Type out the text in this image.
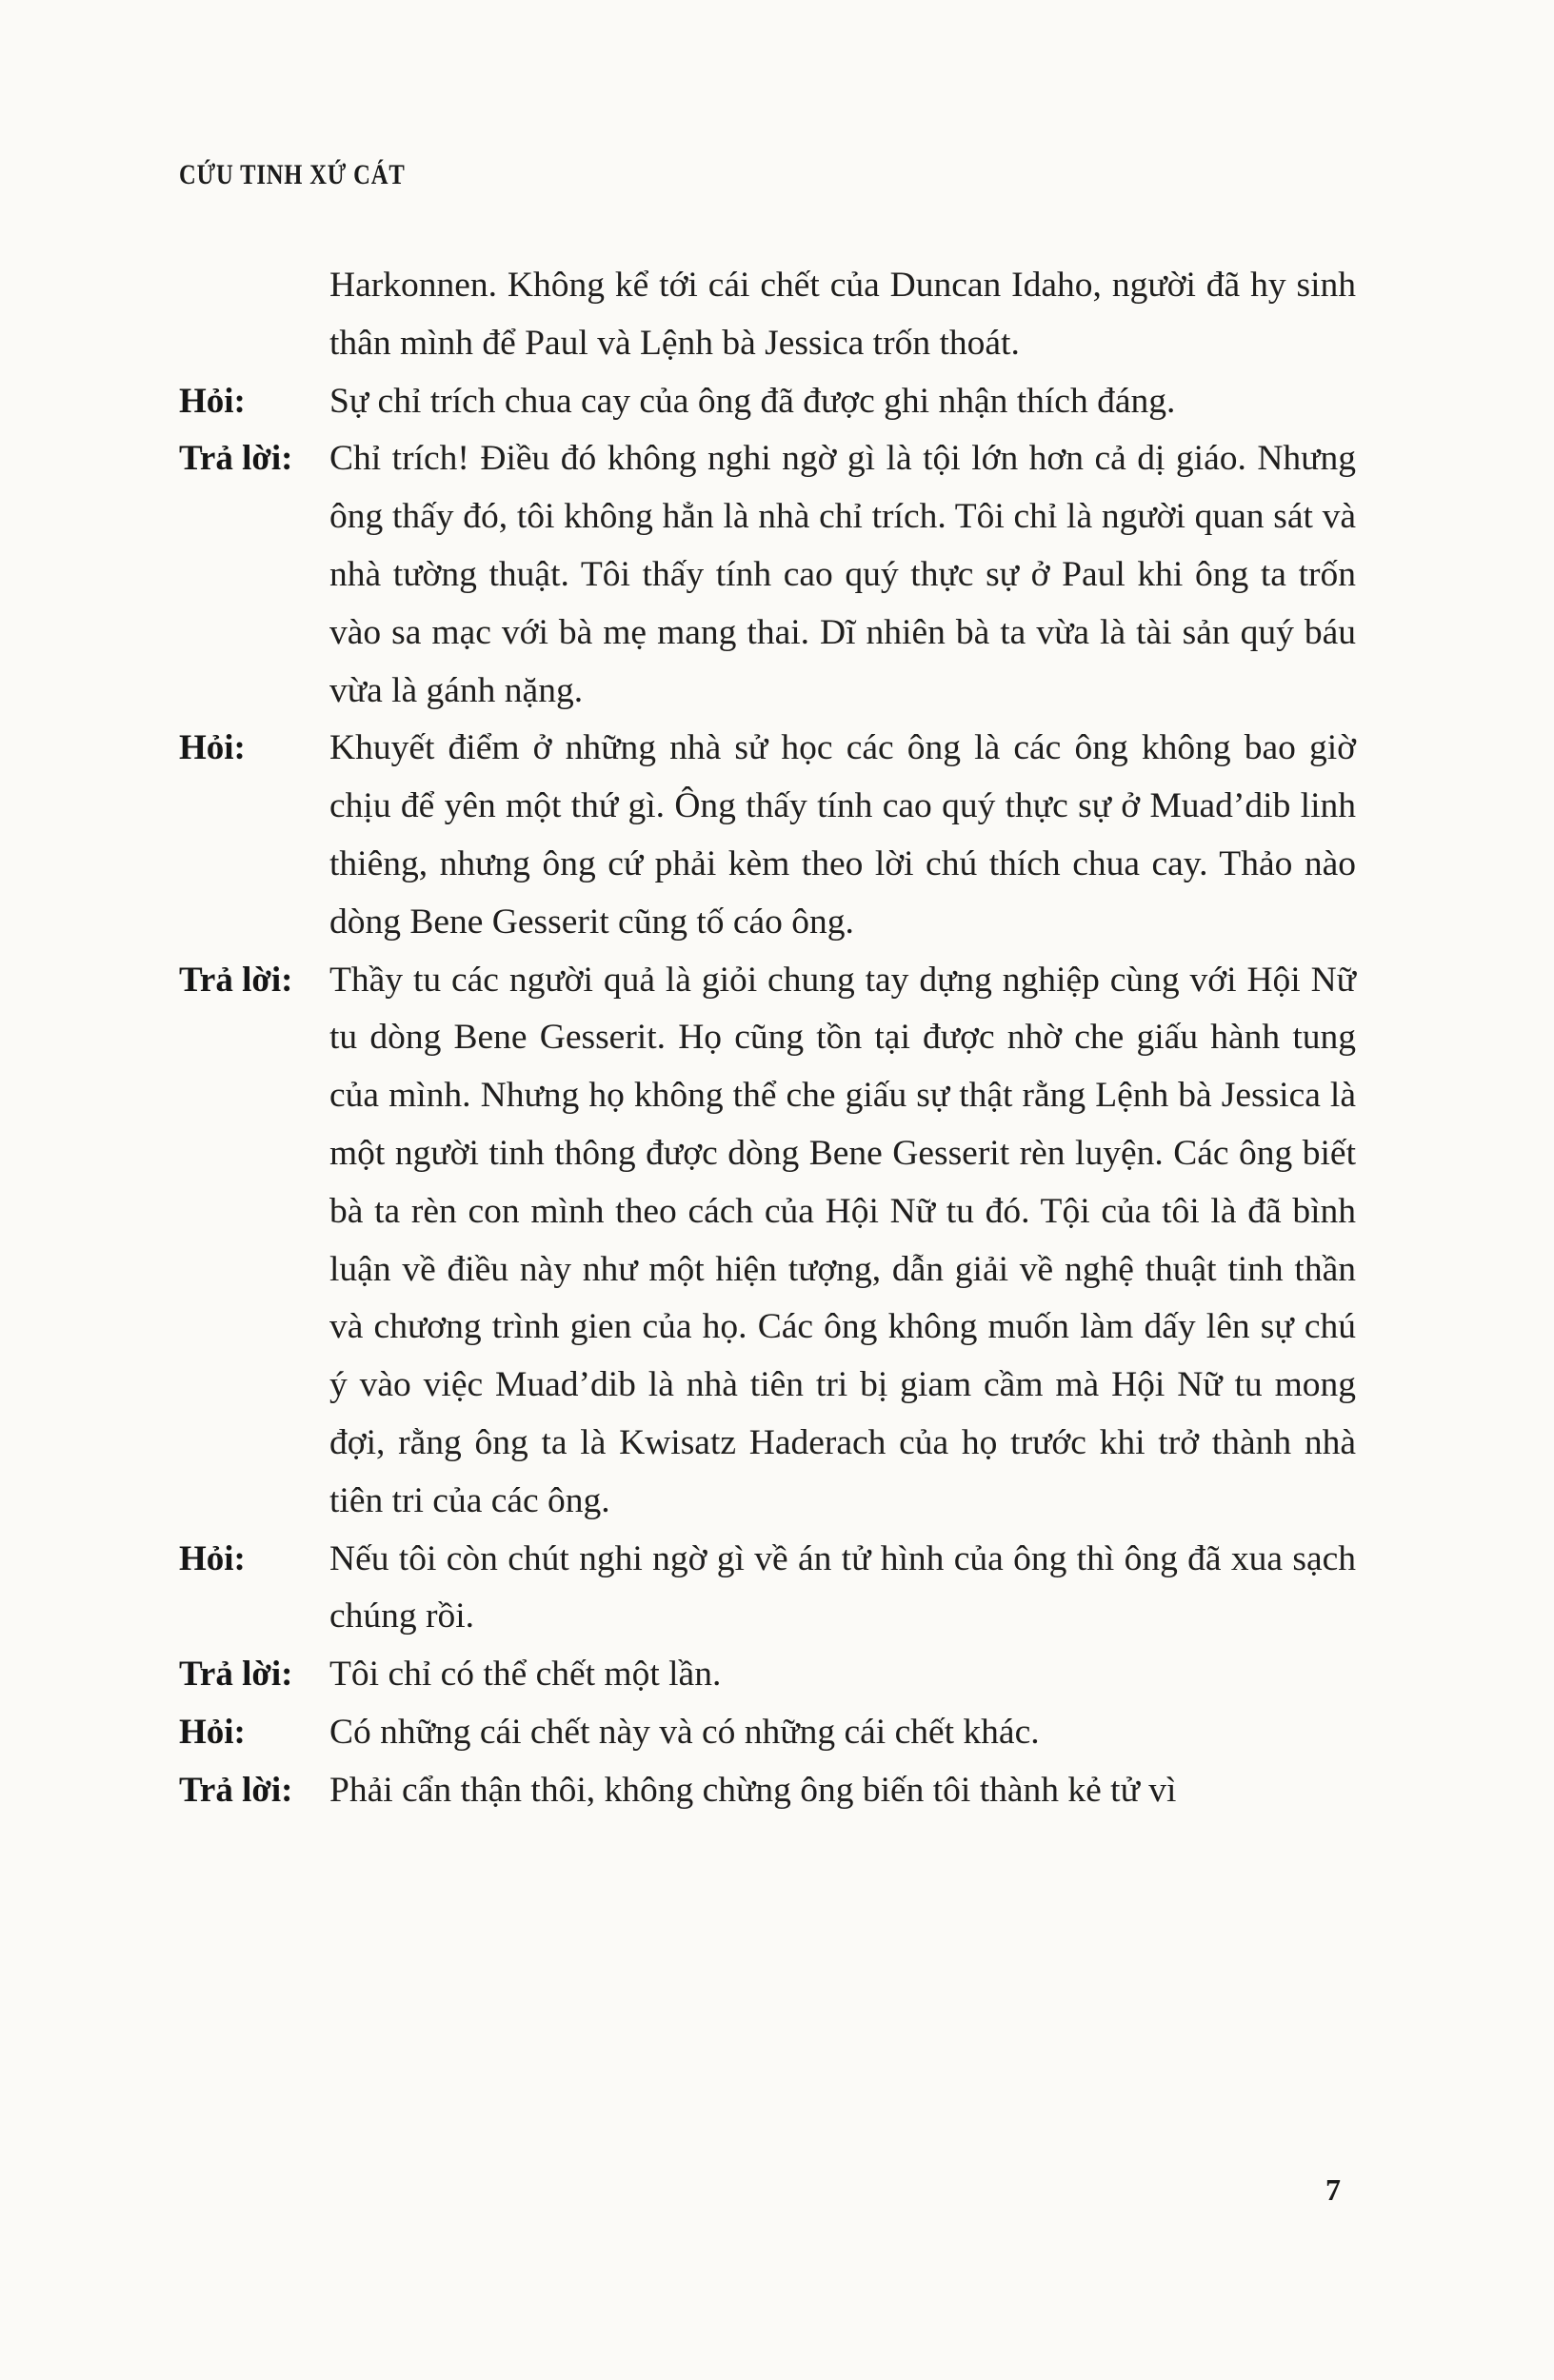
CỨU TINH XỨ CÁT
Harkonnen. Không kể tới cái chết của Duncan Idaho, người đã hy sinh thân mình để Paul và Lệnh bà Jessica trốn thoát.
Hỏi:	Sự chỉ trích chua cay của ông đã được ghi nhận thích đáng.
Trả lời:	Chỉ trích! Điều đó không nghi ngờ gì là tội lớn hơn cả dị giáo. Nhưng ông thấy đó, tôi không hẳn là nhà chỉ trích. Tôi chỉ là người quan sát và nhà tường thuật. Tôi thấy tính cao quý thực sự ở Paul khi ông ta trốn vào sa mạc với bà mẹ mang thai. Dĩ nhiên bà ta vừa là tài sản quý báu vừa là gánh nặng.
Hỏi:	Khuyết điểm ở những nhà sử học các ông là các ông không bao giờ chịu để yên một thứ gì. Ông thấy tính cao quý thực sự ở Muad’dib linh thiêng, nhưng ông cứ phải kèm theo lời chú thích chua cay. Thảo nào dòng Bene Gesserit cũng tố cáo ông.
Trả lời:	Thầy tu các người quả là giỏi chung tay dựng nghiệp cùng với Hội Nữ tu dòng Bene Gesserit. Họ cũng tồn tại được nhờ che giấu hành tung của mình. Nhưng họ không thể che giấu sự thật rằng Lệnh bà Jessica là một người tinh thông được dòng Bene Gesserit rèn luyện. Các ông biết bà ta rèn con mình theo cách của Hội Nữ tu đó. Tội của tôi là đã bình luận về điều này như một hiện tượng, dẫn giải về nghệ thuật tinh thần và chương trình gien của họ. Các ông không muốn làm dấy lên sự chú ý vào việc Muad’dib là nhà tiên tri bị giam cầm mà Hội Nữ tu mong đợi, rằng ông ta là Kwisatz Haderach của họ trước khi trở thành nhà tiên tri của các ông.
Hỏi:	Nếu tôi còn chút nghi ngờ gì về án tử hình của ông thì ông đã xua sạch chúng rồi.
Trả lời:	Tôi chỉ có thể chết một lần.
Hỏi:	Có những cái chết này và có những cái chết khác.
Trả lời:	Phải cẩn thận thôi, không chừng ông biến tôi thành kẻ tử vì
7
